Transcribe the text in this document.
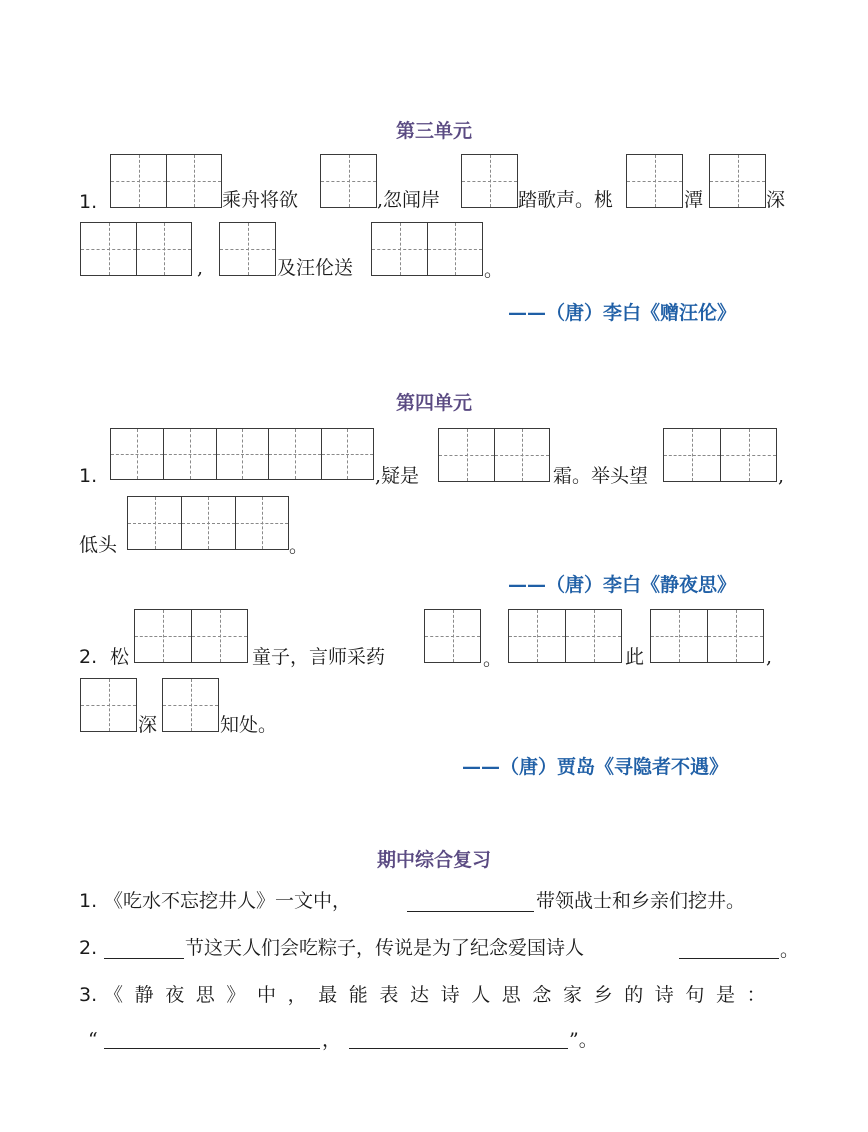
第三单元
1.	乘舟将欲	,忽闻岸	踏歌声。桃	潭	深
,	及汪伦送	。
——（唐）李白《赠汪伦》
第四单元
1.	,疑是	霜。举头望	,
低头	。
——（唐）李白《静夜思》
2. 松	童子，言师采药	。	此	,
深	知处。
——（唐）贾岛《寻隐者不遇》
期中综合复习
1. 《吃水不忘挖井人》一文中，	带领战士和乡亲们挖井。
2.	节这天人们会吃粽子，传说是为了纪念爱国诗人	。
3. 《静夜思》中，最能表达诗人思念家乡的诗句是：
“	，	”。
